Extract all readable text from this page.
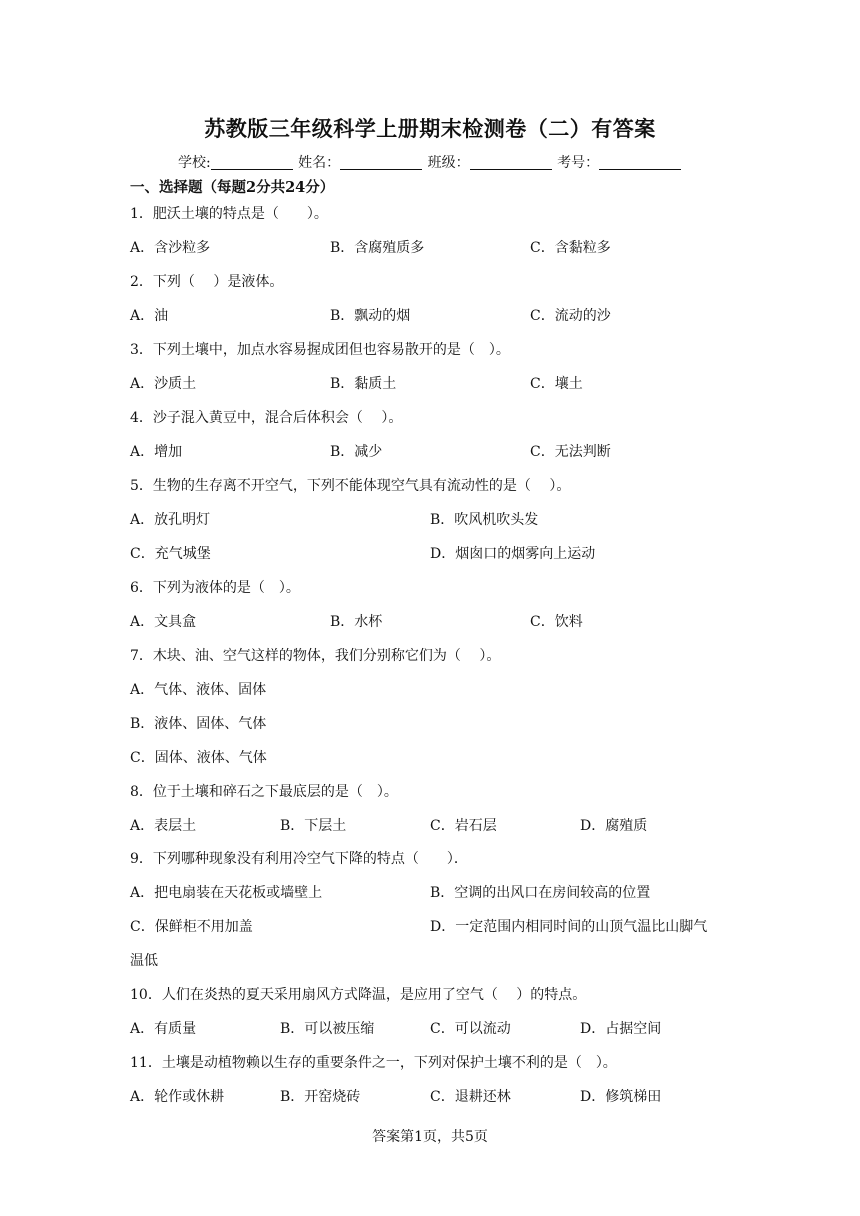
苏教版三年级科学上册期末检测卷（二）有答案
学校:	姓名：	班级：	考号：
一、选择题（每题2分共24分）
1．肥沃土壤的特点是（　　）。
A．含沙粒多	B．含腐殖质多	C．含黏粒多
2．下列（　 ）是液体。
A．油	B．飘动的烟	C．流动的沙
3．下列土壤中，加点水容易握成团但也容易散开的是（　）。
A．沙质土	B．黏质土	C．壤土
4．沙子混入黄豆中，混合后体积会（　 ）。
A．增加	B．减少	C．无法判断
5．生物的生存离不开空气，下列不能体现空气具有流动性的是（　 ）。
A．放孔明灯	B．吹风机吹头发
C．充气城堡	D．烟囱口的烟雾向上运动
6．下列为液体的是（　）。
A．文具盒	B．水杯	C．饮料
7．木块、油、空气这样的物体，我们分别称它们为（　 ）。
A．气体、液体、固体
B．液体、固体、气体
C．固体、液体、气体
8．位于土壤和碎石之下最底层的是（　）。
A．表层土	B．下层土	C．岩石层	D．腐殖质
9．下列哪种现象没有利用冷空气下降的特点（　　）．
A．把电扇装在天花板或墙壁上	B．空调的出风口在房间较高的位置
C．保鲜柜不用加盖	D．一定范围内相同时间的山顶气温比山脚气
温低
10．人们在炎热的夏天采用扇风方式降温，是应用了空气（　 ）的特点。
A．有质量	B．可以被压缩	C．可以流动	D．占据空间
11．土壤是动植物赖以生存的重要条件之一，下列对保护土壤不利的是（　）。
A．轮作或休耕	B．开窑烧砖	C．退耕还林	D．修筑梯田
答案第1页，共5页
